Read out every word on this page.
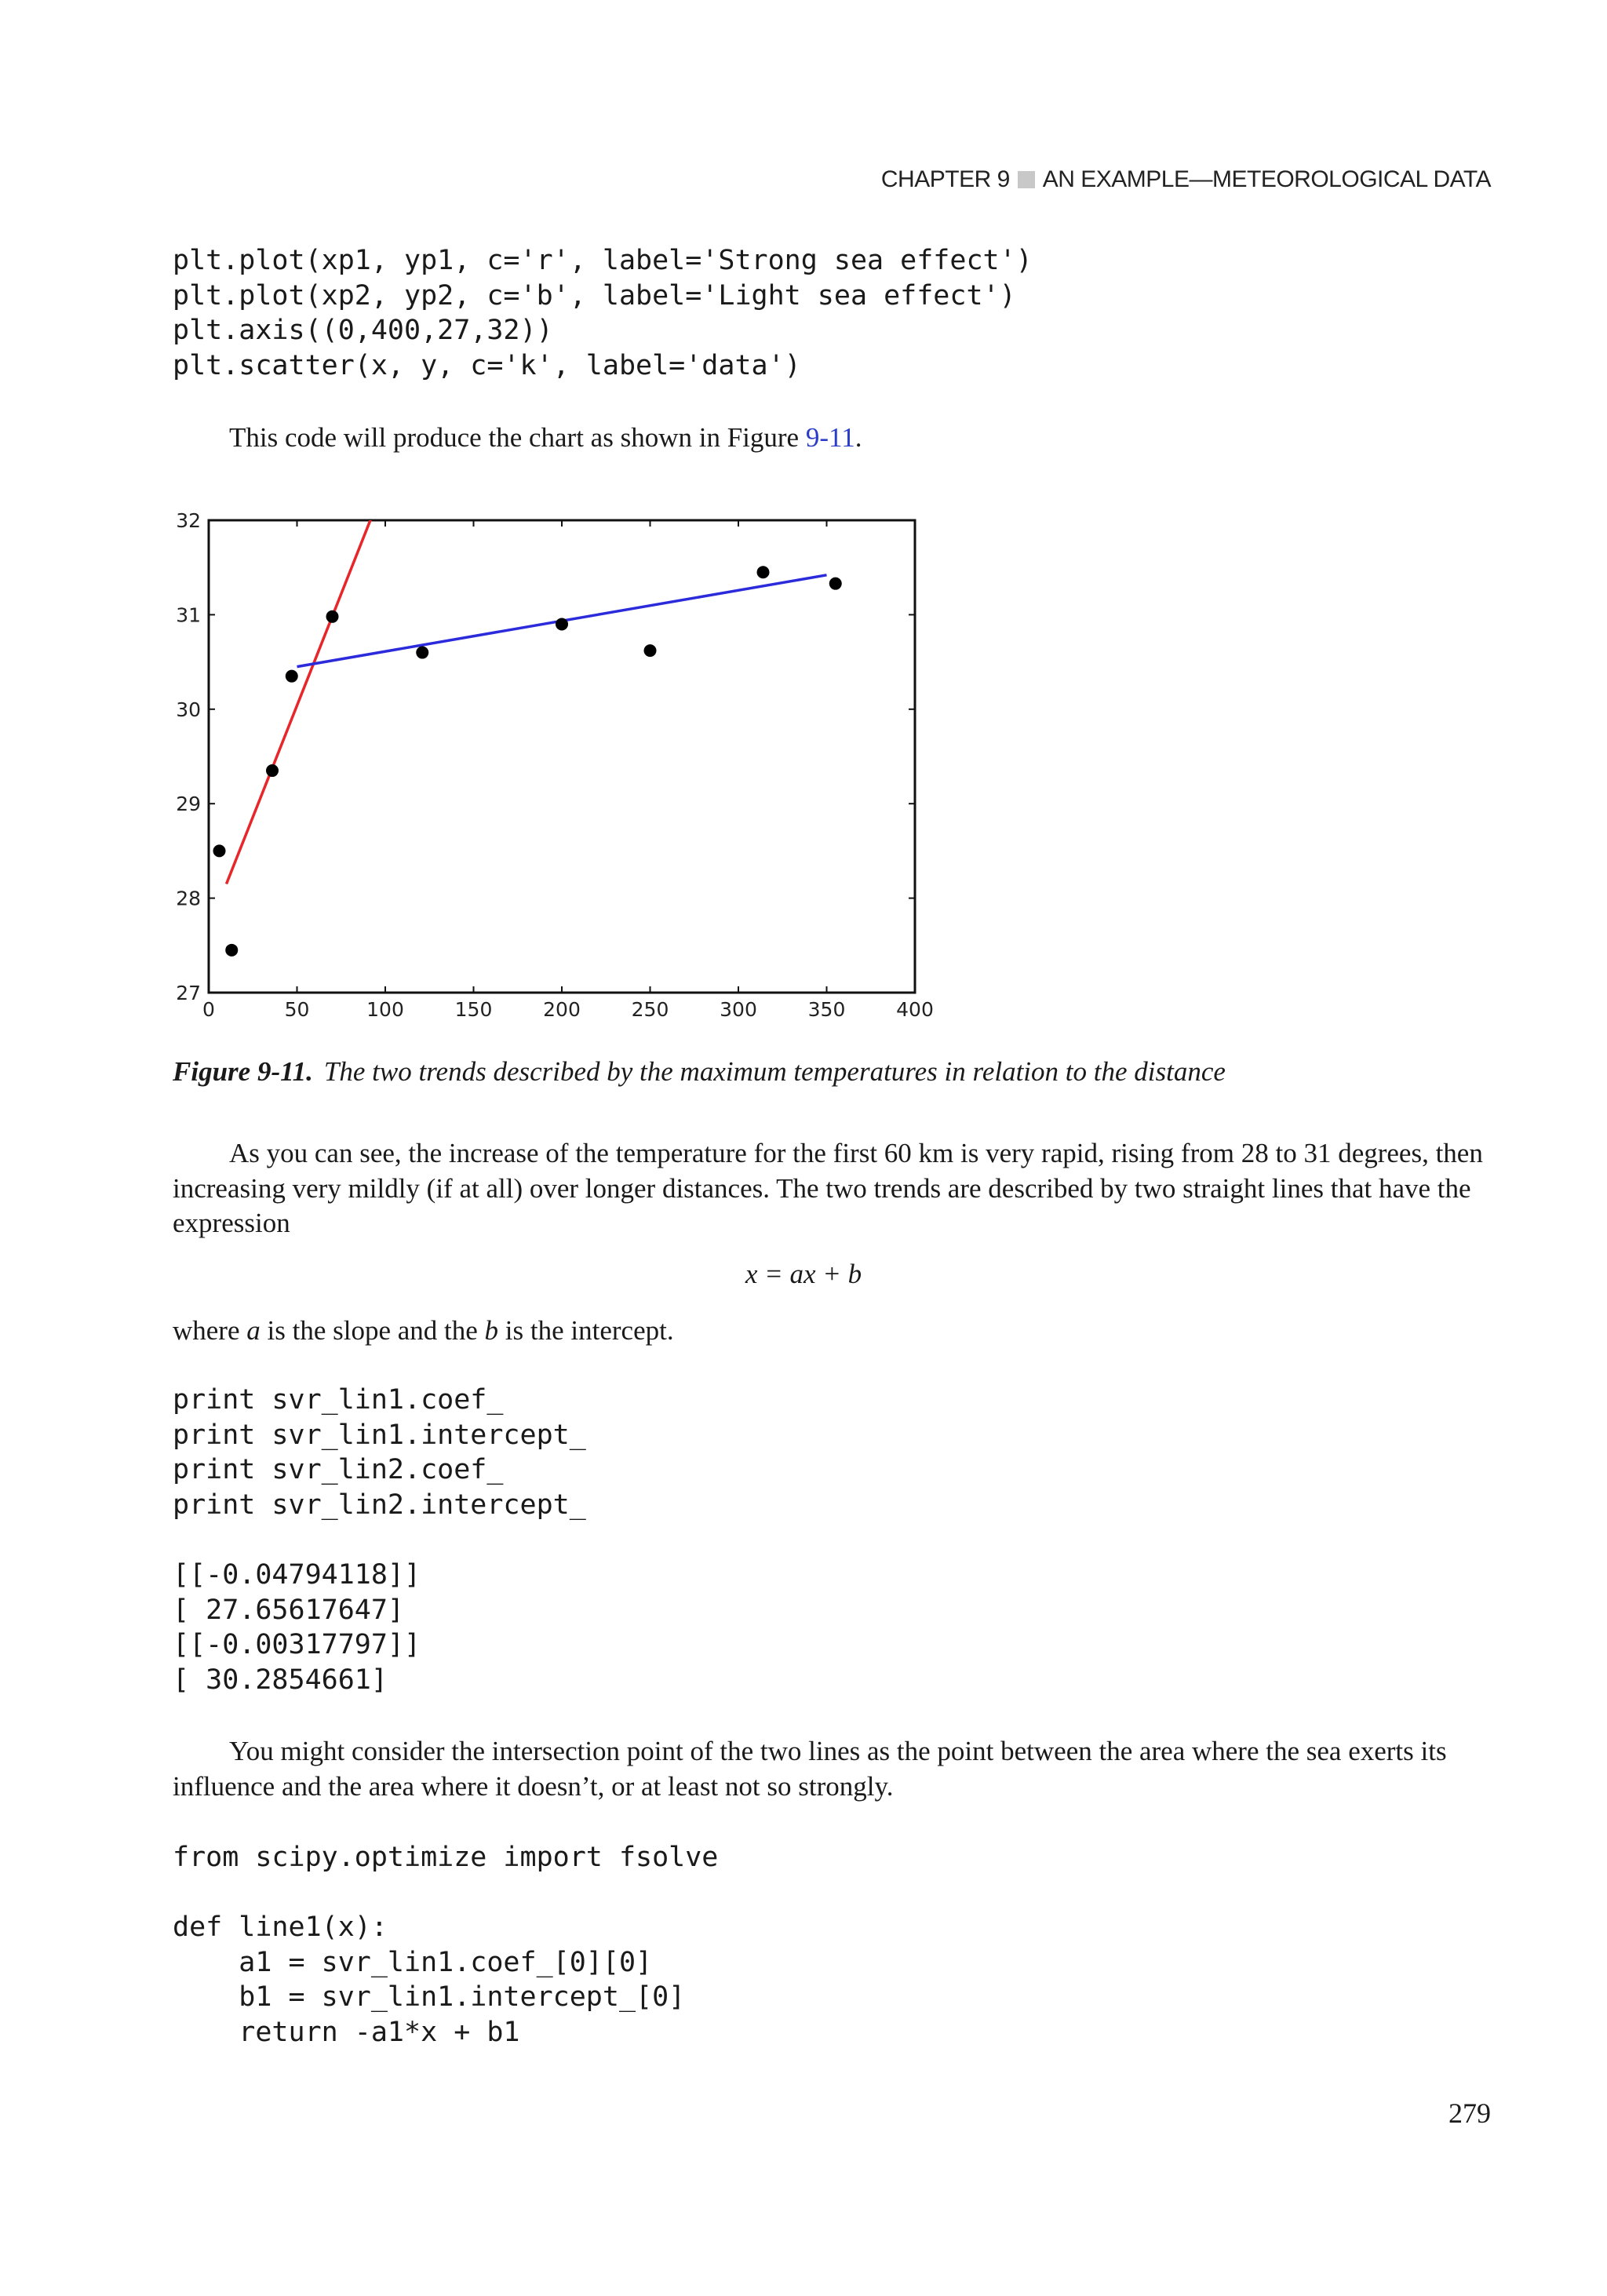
CHAPTER 9 AN EXAMPLE—METEOROLOGICAL DATA
plt.plot(xp1, yp1, c='r', label='Strong sea effect')
plt.plot(xp2, yp2, c='b', label='Light sea effect')
plt.axis((0,400,27,32))
plt.scatter(x, y, c='k', label='data')

This code will produce the chart as shown in Figure 9-11.

0	50	100	150	200	250	300	350	400
27
28
29
30
31
32
Figure 9-11. The two trends described by the maximum temperatures in relation to the distance

As you can see, the increase of the temperature for the first 60 km is very rapid, rising from 28 to 31 degrees, then increasing very mildly (if at all) over longer distances. The two trends are described by two straight lines that have the expression

x = ax + b

where a is the slope and the b is the intercept.

print svr_lin1.coef_
print svr_lin1.intercept_
print svr_lin2.coef_
print svr_lin2.intercept_
[[-0.04794118]]
[ 27.65617647]
[[-0.00317797]]
[ 30.2854661]

You might consider the intersection point of the two lines as the point between the area where the sea exerts its influence and the area where it doesn’t, or at least not so strongly.

from scipy.optimize import fsolve

def line1(x):
a1 = svr_lin1.coef_[0][0]
b1 = svr_lin1.intercept_[0]
return -a1*x + b1
279
